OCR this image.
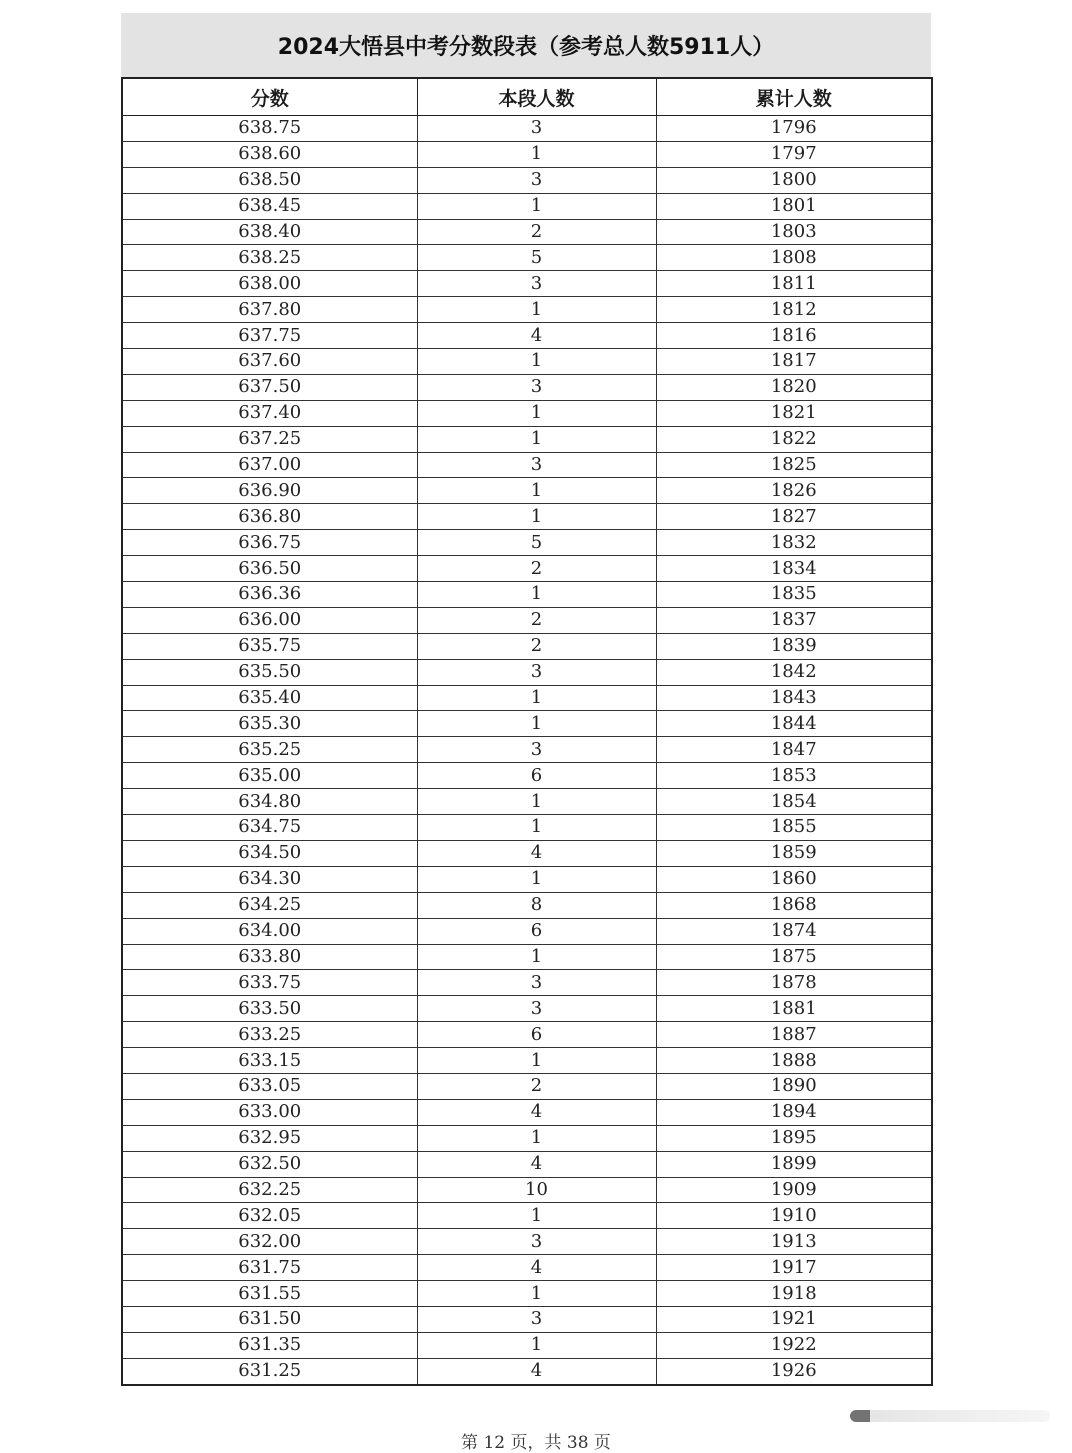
2024大悟县中考分数段表（参考总人数5911人）
分数	本段人数	累计人数
638.75	3	1796
638.60	1	1797
638.50	3	1800
638.45	1	1801
638.40	2	1803
638.25	5	1808
638.00	3	1811
637.80	1	1812
637.75	4	1816
637.60	1	1817
637.50	3	1820
637.40	1	1821
637.25	1	1822
637.00	3	1825
636.90	1	1826
636.80	1	1827
636.75	5	1832
636.50	2	1834
636.36	1	1835
636.00	2	1837
635.75	2	1839
635.50	3	1842
635.40	1	1843
635.30	1	1844
635.25	3	1847
635.00	6	1853
634.80	1	1854
634.75	1	1855
634.50	4	1859
634.30	1	1860
634.25	8	1868
634.00	6	1874
633.80	1	1875
633.75	3	1878
633.50	3	1881
633.25	6	1887
633.15	1	1888
633.05	2	1890
633.00	4	1894
632.95	1	1895
632.50	4	1899
632.25	10	1909
632.05	1	1910
632.00	3	1913
631.75	4	1917
631.55	1	1918
631.50	3	1921
631.35	1	1922
631.25	4	1926
第 12 页，共 38 页
